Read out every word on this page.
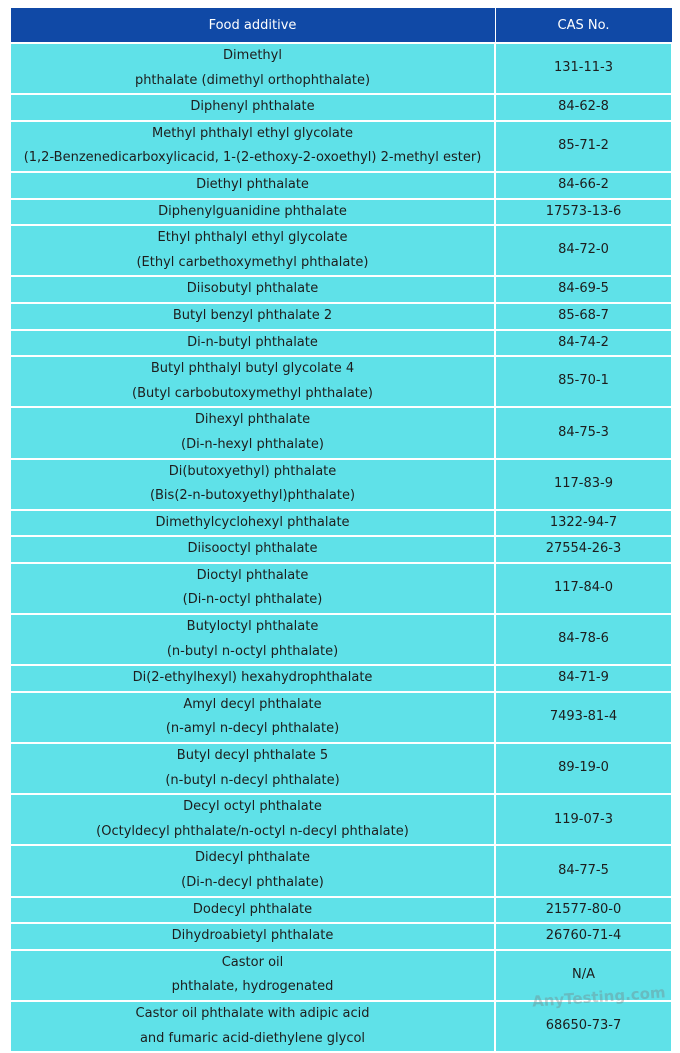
Food additive	CAS No.

Dimethyl
phthalate (dimethyl orthophthalate)	131-11-3

Diphenyl phthalate	84-62-8

Methyl phthalyl ethyl glycolate
(1,2-Benzenedicarboxylicacid, 1-(2-ethoxy-2-oxoethyl) 2-methyl ester)	85-71-2

Diethyl phthalate	84-66-2

Diphenylguanidine phthalate	17573-13-6

Ethyl phthalyl ethyl glycolate
(Ethyl carbethoxymethyl phthalate)	84-72-0

Diisobutyl phthalate	84-69-5

Butyl benzyl phthalate 2	85-68-7

Di-n-butyl phthalate	84-74-2

Butyl phthalyl butyl glycolate 4
(Butyl carbobutoxymethyl phthalate)	85-70-1

Dihexyl phthalate
(Di-n-hexyl phthalate)	84-75-3

Di(butoxyethyl) phthalate
(Bis(2-n-butoxyethyl)phthalate)	117-83-9

Dimethylcyclohexyl phthalate	1322-94-7

Diisooctyl phthalate	27554-26-3

Dioctyl phthalate
(Di-n-octyl phthalate)	117-84-0

Butyloctyl phthalate
(n-butyl n-octyl phthalate)	84-78-6

Di(2-ethylhexyl) hexahydrophthalate	84-71-9

Amyl decyl phthalate
(n-amyl n-decyl phthalate)	7493-81-4

Butyl decyl phthalate 5
(n-butyl n-decyl phthalate)	89-19-0

Decyl octyl phthalate
(Octyldecyl phthalate/n-octyl n-decyl phthalate)	119-07-3

Didecyl phthalate
(Di-n-decyl phthalate)	84-77-5

Dodecyl phthalate	21577-80-0

Dihydroabietyl phthalate	26760-71-4

Castor oil
phthalate, hydrogenated	N/A

Castor oil phthalate with adipic acid
and fumaric acid-diethylene glycol	68650-73-7
AnyTesting.com
